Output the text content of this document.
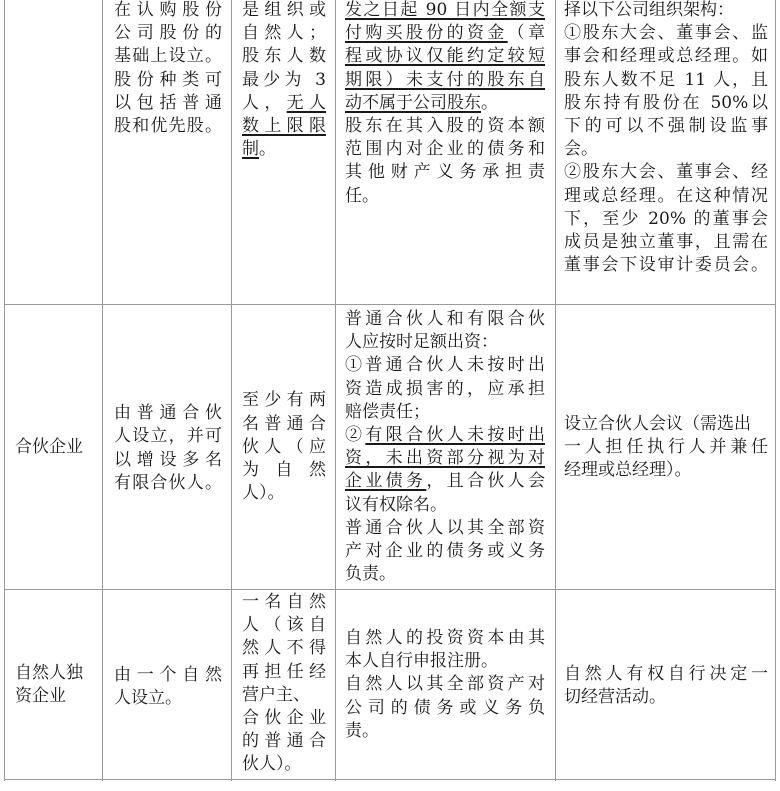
在认购股份
公司股份的
基础上设立。
股份种类可
以包括普通
股和优先股。
是组织或
自然人；
股东人数
最少为 3
人，无人
数上限限
制。
发之日起 90 日内全额支
付购买股份的资金（章
程或协议仅能约定较短
期限）未支付的股东自
动不属于公司股东。
股东在其入股的资本额
范围内对企业的债务和
其他财产义务承担责
任。
择以下公司组织架构：
①股东大会、董事会、监
事会和经理或总经理。如
股东人数不足 11 人，且
股东持有股份在 50%以
下的可以不强制设监事
会。
②股东大会、董事会、经
理或总经理。在这种情况
下，至少 20% 的董事会
成员是独立董事，且需在
董事会下设审计委员会。
合伙企业
由普通合伙
人设立，并可
以增设多名
有限合伙人。
至少有两
名普通合
伙人（应
为自然
人）。
普通合伙人和有限合伙
人应按时足额出资：
①普通合伙人未按时出
资造成损害的，应承担
赔偿责任；
②有限合伙人未按时出
资，未出资部分视为对
企业债务，且合伙人会
议有权除名。
普通合伙人以其全部资
产对企业的债务或义务
负责。
设立合伙人会议（需选出
一人担任执行人并兼任
经理或总经理）。
自然人独
资企业
由一个自然
人设立。
一名自然
人（该自
然人不得
再担任经
营户主、
合伙企业
的普通合
伙人）。
自然人的投资资本由其
本人自行申报注册。
自然人以其全部资产对
公司的债务或义务负
责。
自然人有权自行决定一
切经营活动。
